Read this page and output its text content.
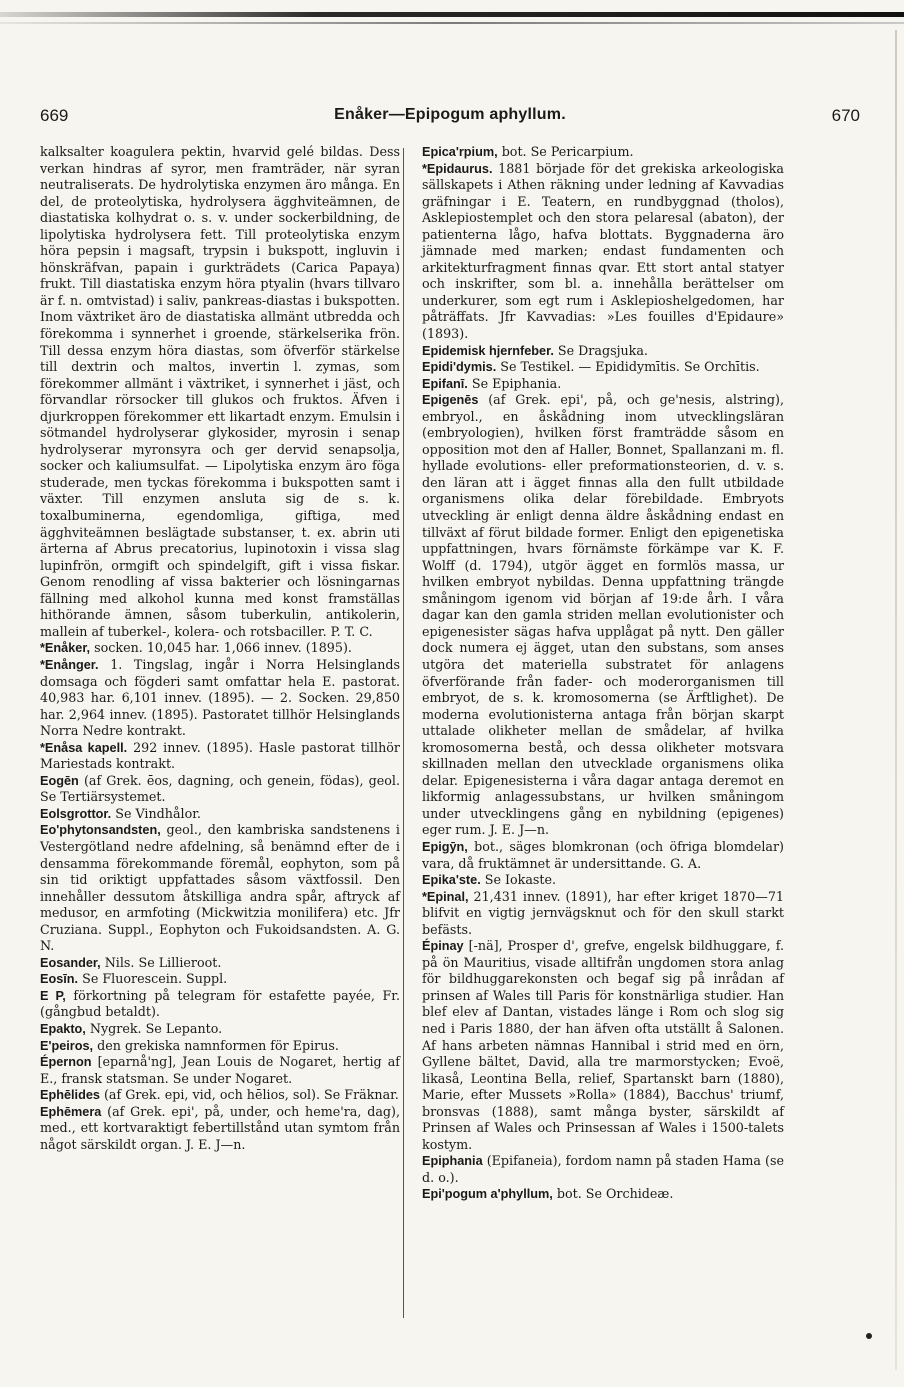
669	Enåker—Epipogum aphyllum.	670

kalksalter koagulera pektin, hvarvid gelé bildas. Dess verkan hindras af syror, men framträder, när syran neutraliserats. De hydrolytiska enzymen äro många. En del, de proteolytiska, hydrolysera ägghviteämnen, de diastatiska kolhydrat o. s. v. under sockerbildning, de lipolytiska hydrolysera fett. Till proteolytiska enzym höra pepsin i magsaft, trypsin i bukspott, ingluvin i hönskräfvan, papain i gurkträdets (Carica Papaya) frukt. Till diastatiska enzym höra ptyalin (hvars tillvaro är f. n. omtvistad) i saliv, pankreas-diastas i bukspotten. Inom växtriket äro de diastatiska allmänt utbredda och förekomma i synnerhet i groende, stärkelserika frön. Till dessa enzym höra diastas, som öfverför stärkelse till dextrin och maltos, invertin l. zymas, som förekommer allmänt i växtriket, i synnerhet i jäst, och förvandlar rörsocker till glukos och fruktos. Äfven i djurkroppen förekommer ett likartadt enzym. Emulsin i sötmandel hydrolyserar glykosider, myrosin i senap hydrolyserar myronsyra och ger dervid senapsolja, socker och kaliumsulfat. — Lipolytiska enzym äro föga studerade, men tyckas förekomma i bukspotten samt i växter. Till enzymen ansluta sig de s. k. toxalbuminerna, egendomliga, giftiga, med ägghviteämnen beslägtade substanser, t. ex. abrin uti ärterna af Abrus precatorius, lupinotoxin i vissa slag lupinfrön, ormgift och spindelgift, gift i vissa fiskar. Genom renodling af vissa bakterier och lösningarnas fällning med alkohol kunna med konst framställas hithörande ämnen, såsom tuberkulin, antikolerin, mallein af tuberkel-, kolera- och rotsbaciller. P. T. C.

*Enåker, socken. 10,045 har. 1,066 innev. (1895).

*Enånger. 1. Tingslag, ingår i Norra Helsinglands domsaga och fögderi samt omfattar hela E. pastorat. 40,983 har. 6,101 innev. (1895). — 2. Socken. 29,850 har. 2,964 innev. (1895). Pastoratet tillhör Helsinglands Norra Nedre kontrakt.

*Enåsa kapell. 292 innev. (1895). Hasle pastorat tillhör Mariestads kontrakt.

Eogēn (af Grek. ēos, dagning, och genein, födas), geol. Se Tertiärsystemet.

Eolsgrottor. Se Vindhålor.

Eo'phytonsandsten, geol., den kambriska sandstenens i Vestergötland nedre afdelning, så benämnd efter de i densamma förekommande föremål, eophyton, som på sin tid oriktigt uppfattades såsom växtfossil. Den innehåller dessutom åtskilliga andra spår, aftryck af medusor, en armfoting (Mickwitzia monilifera) etc. Jfr Cruziana. Suppl., Eophyton och Fukoidsandsten. A. G. N.

Eosander, Nils. Se Lillieroot.

Eosīn. Se Fluorescein. Suppl.

E P, förkortning på telegram för estafette payée, Fr. (gångbud betaldt).

Epakto, Nygrek. Se Lepanto.

E'peiros, den grekiska namnformen för Epirus.

Épernon [eparnå'ng], Jean Louis de Nogaret, hertig af E., fransk statsman. Se under Nogaret.

Ephēlides (af Grek. epi, vid, och hēlios, sol). Se Fräknar.

Ephēmera (af Grek. epi', på, under, och heme'ra, dag), med., ett kortvaraktigt febertillstånd utan symtom från något särskildt organ. J. E. J—n.

Epica'rpium, bot. Se Pericarpium.

*Epidaurus. 1881 började för det grekiska arkeologiska sällskapets i Athen räkning under ledning af Kavvadias gräfningar i E. Teatern, en rundbyggnad (tholos), Asklepiostemplet och den stora pelaresal (abaton), der patienterna lågo, hafva blottats. Byggnaderna äro jämnade med marken; endast fundamenten och arkitekturfragment finnas qvar. Ett stort antal statyer och inskrifter, som bl. a. innehålla berättelser om underkurer, som egt rum i Asklepioshelgedomen, har påträffats. Jfr Kavvadias: »Les fouilles d'Epidaure» (1893).

Epidemisk hjernfeber. Se Dragsjuka.

Epidi'dymis. Se Testikel. — Epididymītis. Se Orchītis.

Epifanī. Se Epiphania.

Epigenēs (af Grek. epi', på, och ge'nesis, alstring), embryol., en åskådning inom utvecklingsläran (embryologien), hvilken först framträdde såsom en opposition mot den af Haller, Bonnet, Spallanzani m. fl. hyllade evolutions- eller preformationsteorien, d. v. s. den läran att i ägget finnas alla den fullt utbildade organismens olika delar förebildade. Embryots utveckling är enligt denna äldre åskådning endast en tillväxt af förut bildade former. Enligt den epigenetiska uppfattningen, hvars förnämste förkämpe var K. F. Wolff (d. 1794), utgör ägget en formlös massa, ur hvilken embryot nybildas. Denna uppfattning trängde småningom igenom vid början af 19:de årh. I våra dagar kan den gamla striden mellan evolutionister och epigenesister sägas hafva upplågat på nytt. Den gäller dock numera ej ägget, utan den substans, som anses utgöra det materiella substratet för anlagens öfverförande från fader- och moderorganismen till embryot, de s. k. kromosomerna (se Ärftlighet). De moderna evolutionisterna antaga från början skarpt uttalade olikheter mellan de smådelar, af hvilka kromosomerna bestå, och dessa olikheter motsvara skillnaden mellan den utvecklade organismens olika delar. Epigenesisterna i våra dagar antaga deremot en likformig anlagessubstans, ur hvilken småningom under utvecklingens gång en nybildning (epigenes) eger rum. J. E. J—n.

Epigȳn, bot., säges blomkronan (och öfriga blomdelar) vara, då fruktämnet är undersittande. G. A.

Epika'ste. Se Iokaste.

*Epinal, 21,431 innev. (1891), har efter kriget 1870—71 blifvit en vigtig jernvägsknut och för den skull starkt befästs.

Épinay [-nä], Prosper d', grefve, engelsk bildhuggare, f. på ön Mauritius, visade alltifrån ungdomen stora anlag för bildhuggarekonsten och begaf sig på inrådan af prinsen af Wales till Paris för konstnärliga studier. Han blef elev af Dantan, vistades länge i Rom och slog sig ned i Paris 1880, der han äfven ofta utställt å Salonen. Af hans arbeten nämnas Hannibal i strid med en örn, Gyllene bältet, David, alla tre marmorstycken; Evoë, likaså, Leontina Bella, relief, Spartanskt barn (1880), Marie, efter Mussets »Rolla» (1884), Bacchus' triumf, bronsvas (1888), samt många byster, särskildt af Prinsen af Wales och Prinsessan af Wales i 1500-talets kostym.

Epiphania (Epifaneia), fordom namn på staden Hama (se d. o.).

Epi'pogum a'phyllum, bot. Se Orchideæ.
